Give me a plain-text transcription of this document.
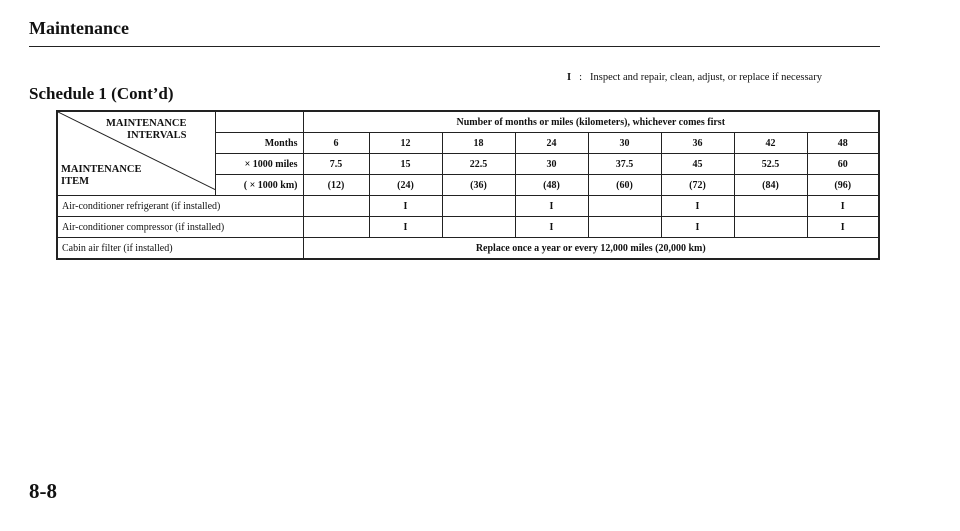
Maintenance
Schedule 1 (Cont’d)
I : Inspect and repair, clean, adjust, or replace if necessary
MAINTENANCE
INTERVALS
MAINTENANCE
ITEM		Number of months or miles (kilometers), whichever comes first							
	Months	6	12	18	24	30	36	42	48
	× 1000 miles	7.5	15	22.5	30	37.5	45	52.5	60
	( × 1000 km)	(12)	(24)	(36)	(48)	(60)	(72)	(84)	(96)
Air-conditioner refrigerant (if installed)			I		I		I		I
Air-conditioner compressor (if installed)			I		I		I		I
Cabin air filter (if installed)		Replace once a year or every 12,000 miles (20,000 km)							
8-8
